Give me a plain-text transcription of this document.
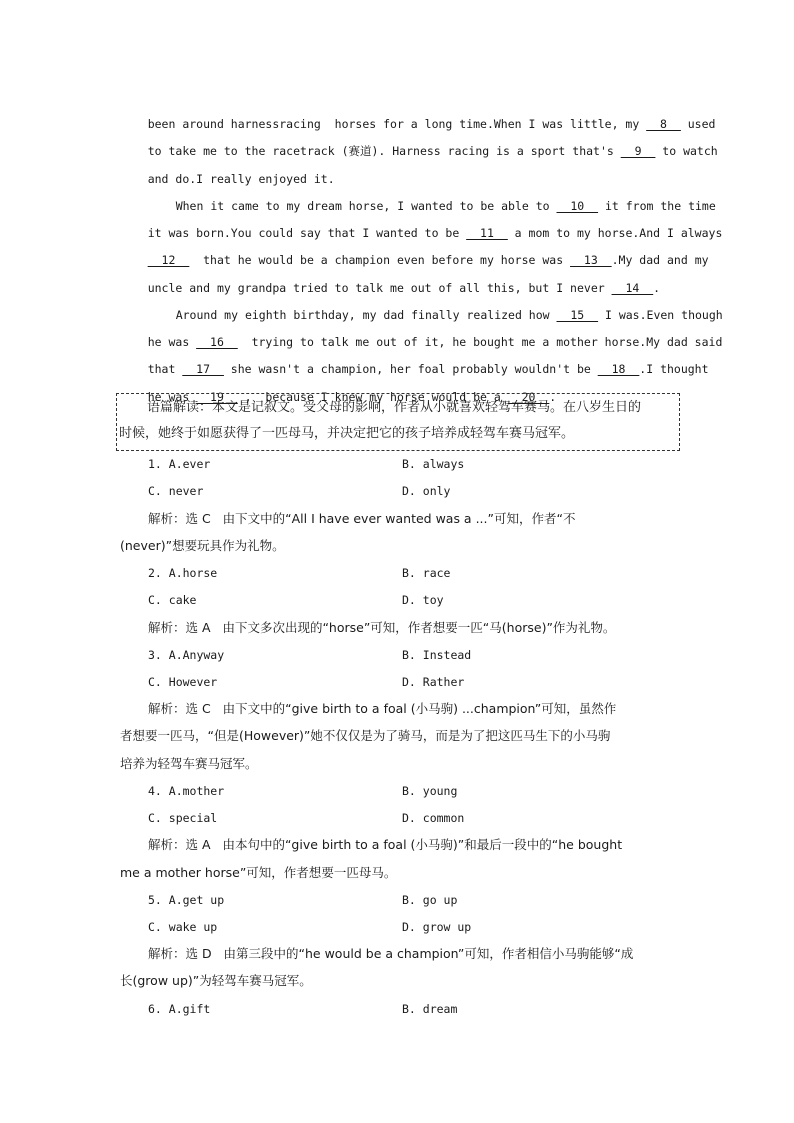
been around harnessracing  horses for a long time.When I was little, my __8__ used

to take me to the racetrack (赛道). Harness racing is a sport that's __9__ to watch

and do.I really enjoyed it.

When it came to my dream horse, I wanted to be able to __10__ it from the time

it was born.You could say that I wanted to be __11__ a mom to my horse.And I always

__12__  that he would be a champion even before my horse was __13__.My dad and my

uncle and my grandpa tried to talk me out of all this, but I never __14__.

Around my eighth birthday, my dad finally realized how __15__ I was.Even though

he was __16__  trying to talk me out of it, he bought me a mother horse.My dad said

that __17__ she wasn't a champion, her foal probably wouldn't be __18__.I thought

he was __19__ ,  because I knew my horse would be a __20__.

语篇解读：本文是记叙文。受父母的影响，作者从小就喜欢轻驾车赛马。在八岁生日的
时候，她终于如愿获得了一匹母马，并决定把它的孩子培养成轻驾车赛马冠军。
1. A.ever	B. always
C. never	D. only
解析：选 C   由下文中的“All I have ever wanted was a ...”可知，作者“不
(never)”想要玩具作为礼物。
2. A.horse	B. race
C. cake	D. toy
解析：选 A   由下文多次出现的“horse”可知，作者想要一匹“马(horse)”作为礼物。
3. A.Anyway	B. Instead
C. However	D. Rather
解析：选 C   由下文中的“give birth to a foal (小马驹) ...champion”可知，虽然作
者想要一匹马，“但是(However)”她不仅仅是为了骑马，而是为了把这匹马生下的小马驹
培养为轻驾车赛马冠军。
4. A.mother	B. young
C. special	D. common
解析：选 A   由本句中的“give birth to a foal (小马驹)”和最后一段中的“he bought
me a mother horse”可知，作者想要一匹母马。
5. A.get up	B. go up
C. wake up	D. grow up
解析：选 D   由第三段中的“he would be a champion”可知，作者相信小马驹能够“成
长(grow up)”为轻驾车赛马冠军。
6. A.gift	B. dream
